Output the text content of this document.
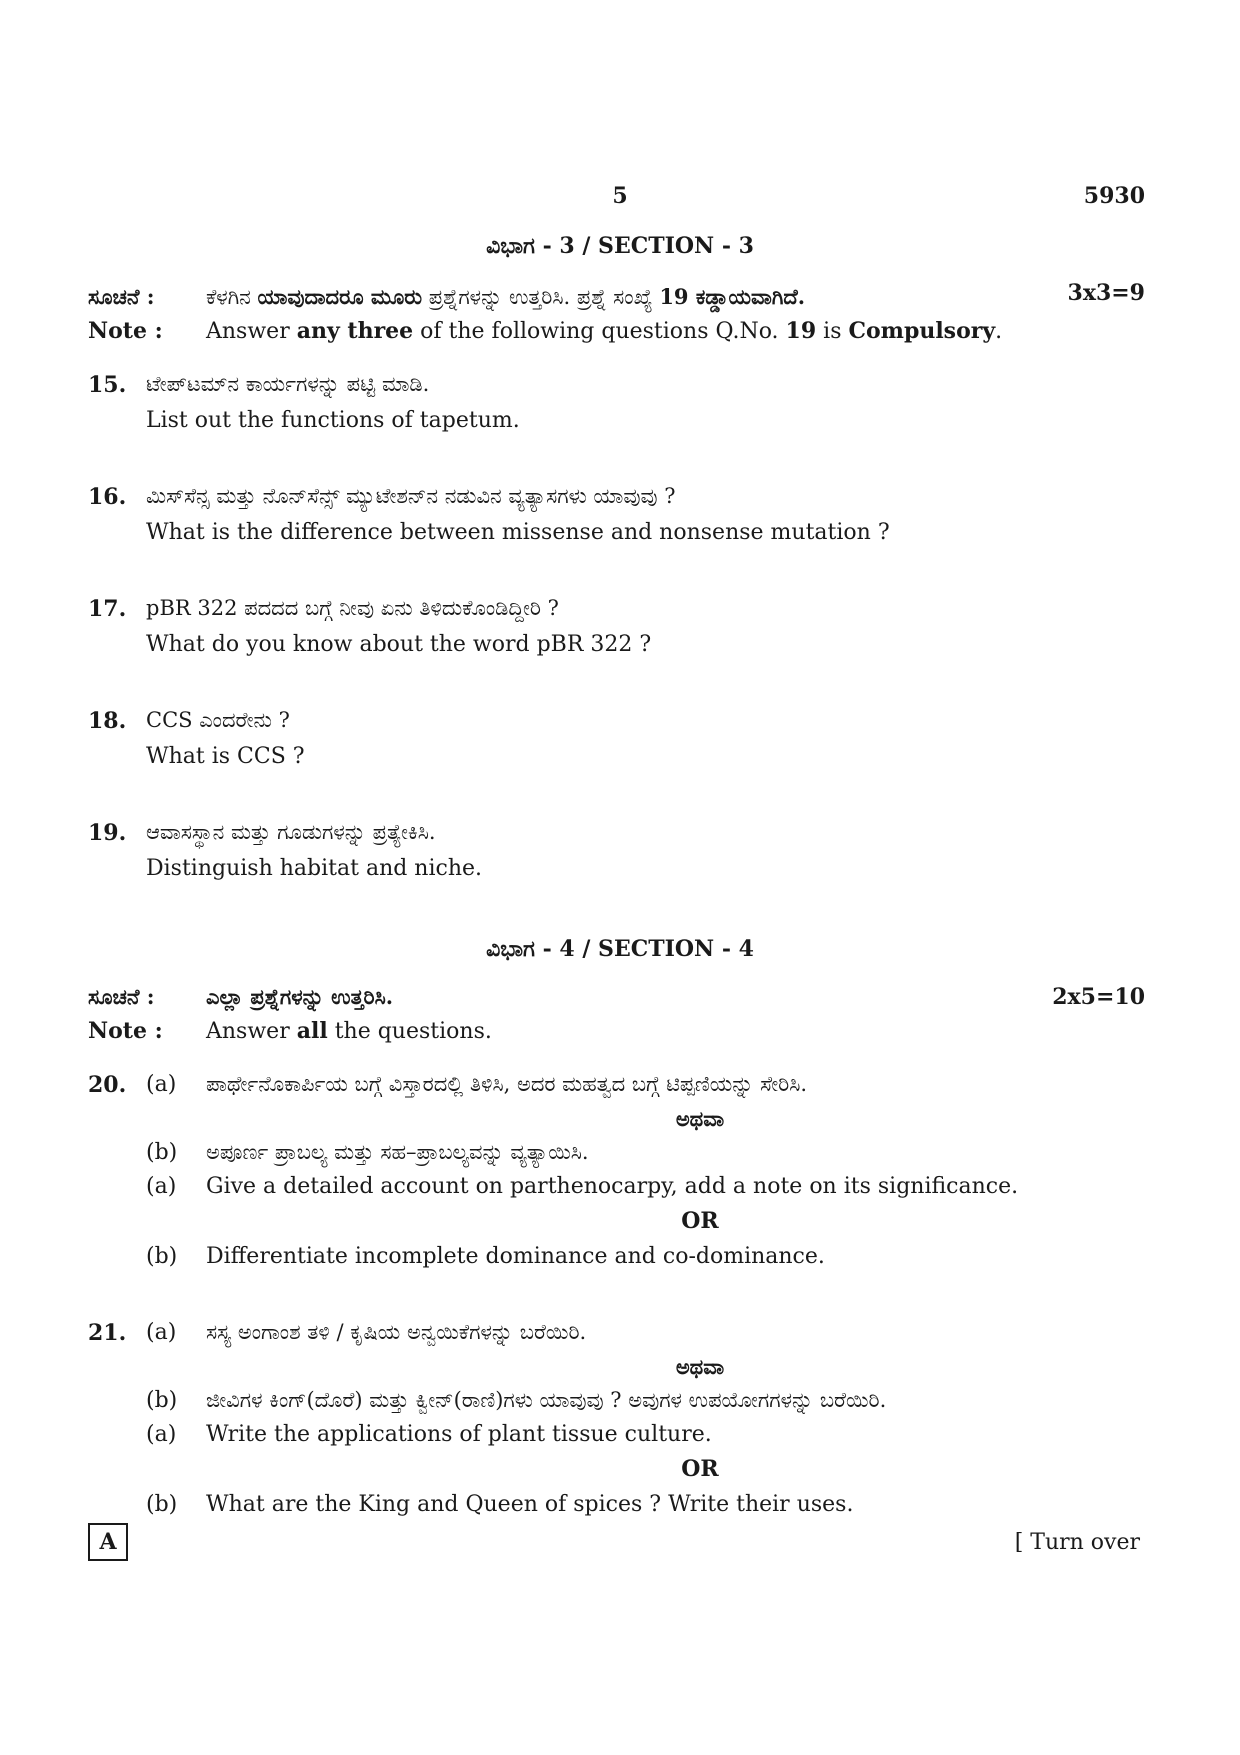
5	5930
ವಿಭಾಗ - 3 / SECTION - 3
ಸೂಚನೆ : ಕೆಳಗಿನ ಯಾವುದಾದರೂ ಮೂರು ಪ್ರಶ್ನೆಗಳನ್ನು ಉತ್ತರಿಸಿ. ಪ್ರಶ್ನೆ ಸಂಖ್ಯೆ 19 ಕಡ್ಡಾಯವಾಗಿದೆ.	3x3=9
Note : Answer any three of the following questions Q.No. 19 is Compulsory.
15. ಟೇಪ್‌ಟಮ್‌ನ ಕಾರ್ಯಗಳನ್ನು ಪಟ್ಟಿ ಮಾಡಿ.
List out the functions of tapetum.
16. ಮಿಸ್‌ಸೆನ್ಸ ಮತ್ತು ನೊನ್‌ಸೆನ್ಸ್ ಮ್ಯುಟೇಶನ್‌ನ ನಡುವಿನ ವ್ಯತ್ಯಾಸಗಳು ಯಾವುವು ?
What is the difference between missense and nonsense mutation ?
17. pBR 322 ಪದದದ ಬಗ್ಗೆ ನೀವು ಏನು ತಿಳಿದುಕೊಂಡಿದ್ದೀರಿ ?
What do you know about the word pBR 322 ?
18. CCS ಎಂದರೇನು ?
What is CCS ?
19. ಆವಾಸಸ್ಥಾನ ಮತ್ತು ಗೂಡುಗಳನ್ನು ಪ್ರತ್ಯೇಕಿಸಿ.
Distinguish habitat and niche.
ವಿಭಾಗ - 4 / SECTION - 4
ಸೂಚನೆ : ಎಲ್ಲಾ ಪ್ರಶ್ನೆಗಳನ್ನು ಉತ್ತರಿಸಿ.	2x5=10
Note : Answer all the questions.
20. (a) ಪಾರ್ಥೇನೊಕಾರ್ಪಿಯ ಬಗ್ಗೆ ವಿಸ್ತಾರದಲ್ಲಿ ತಿಳಿಸಿ, ಅದರ ಮಹತ್ವದ ಬಗ್ಗೆ ಟಿಪ್ಪಣಿಯನ್ನು ಸೇರಿಸಿ.
ಅಥವಾ
(b) ಅಪೂರ್ಣ ಪ್ರಾಬಲ್ಯ ಮತ್ತು ಸಹ–ಪ್ರಾಬಲ್ಯವನ್ನು ವ್ಯತ್ಯಾಯಿಸಿ.
(a) Give a detailed account on parthenocarpy, add a note on its significance.
OR
(b) Differentiate incomplete dominance and co-dominance.
21. (a) ಸಸ್ಯ ಅಂಗಾಂಶ ತಳಿ / ಕೃಷಿಯ ಅನ್ವಯಿಕೆಗಳನ್ನು ಬರೆಯಿರಿ.
ಅಥವಾ
(b) ಜೀವಿಗಳ ಕಿಂಗ್(ದೊರೆ) ಮತ್ತು ಕ್ವೀನ್(ರಾಣಿ)ಗಳು ಯಾವುವು ? ಅವುಗಳ ಉಪಯೋಗಗಳನ್ನು ಬರೆಯಿರಿ.
(a) Write the applications of plant tissue culture.
OR
(b) What are the King and Queen of spices ? Write their uses.
A	[ Turn over
